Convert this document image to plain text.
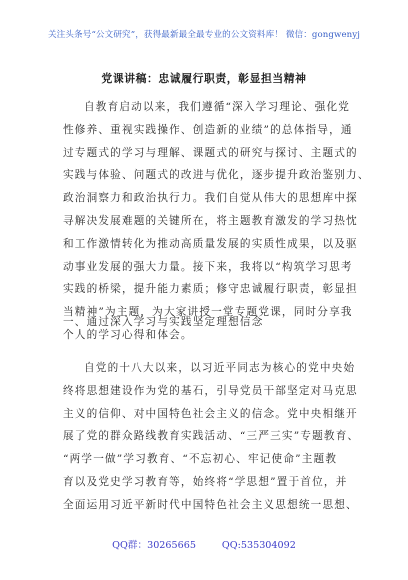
关注头条号“公文研究”，获得最新最全最专业的公文资料库！ 微信：gongwenyj
党课讲稿：忠诚履行职责，彰显担当精神
自教育启动以来，我们遵循“深入学习理论、强化党
性修养、重视实践操作、创造新的业绩”的总体指导，通
过专题式的学习与理解、课题式的研究与探讨、主题式的
实践与体验、问题式的改进与优化，逐步提升政治鉴别力、
政治洞察力和政治执行力。我们自觉从伟大的思想库中探
寻解决发展难题的关键所在，将主题教育激发的学习热忱
和工作激情转化为推动高质量发展的实质性成果，以及驱
动事业发展的强大力量。接下来，我将以“构筑学习思考
实践的桥梁，提升能力素质；修守忠诚履行职责，彰显担
当精神”为主题，为大家讲授一堂专题党课，同时分享我
个人的学习心得和体会。
一、通过深入学习与实践坚定理想信念
自党的十八大以来，以习近平同志为核心的党中央始
终将思想建设作为党的基石，引导党员干部坚定对马克思
主义的信仰、对中国特色社会主义的信念。党中央相继开
展了党的群众路线教育实践活动、“三严三实”专题教育、
“两学一做”学习教育、“不忘初心、牢记使命”主题教
育以及党史学习教育等，始终将“学思想”置于首位，并
全面运用习近平新时代中国特色社会主义思想统一思想、
QQ群：30265665	QQ:535304092
